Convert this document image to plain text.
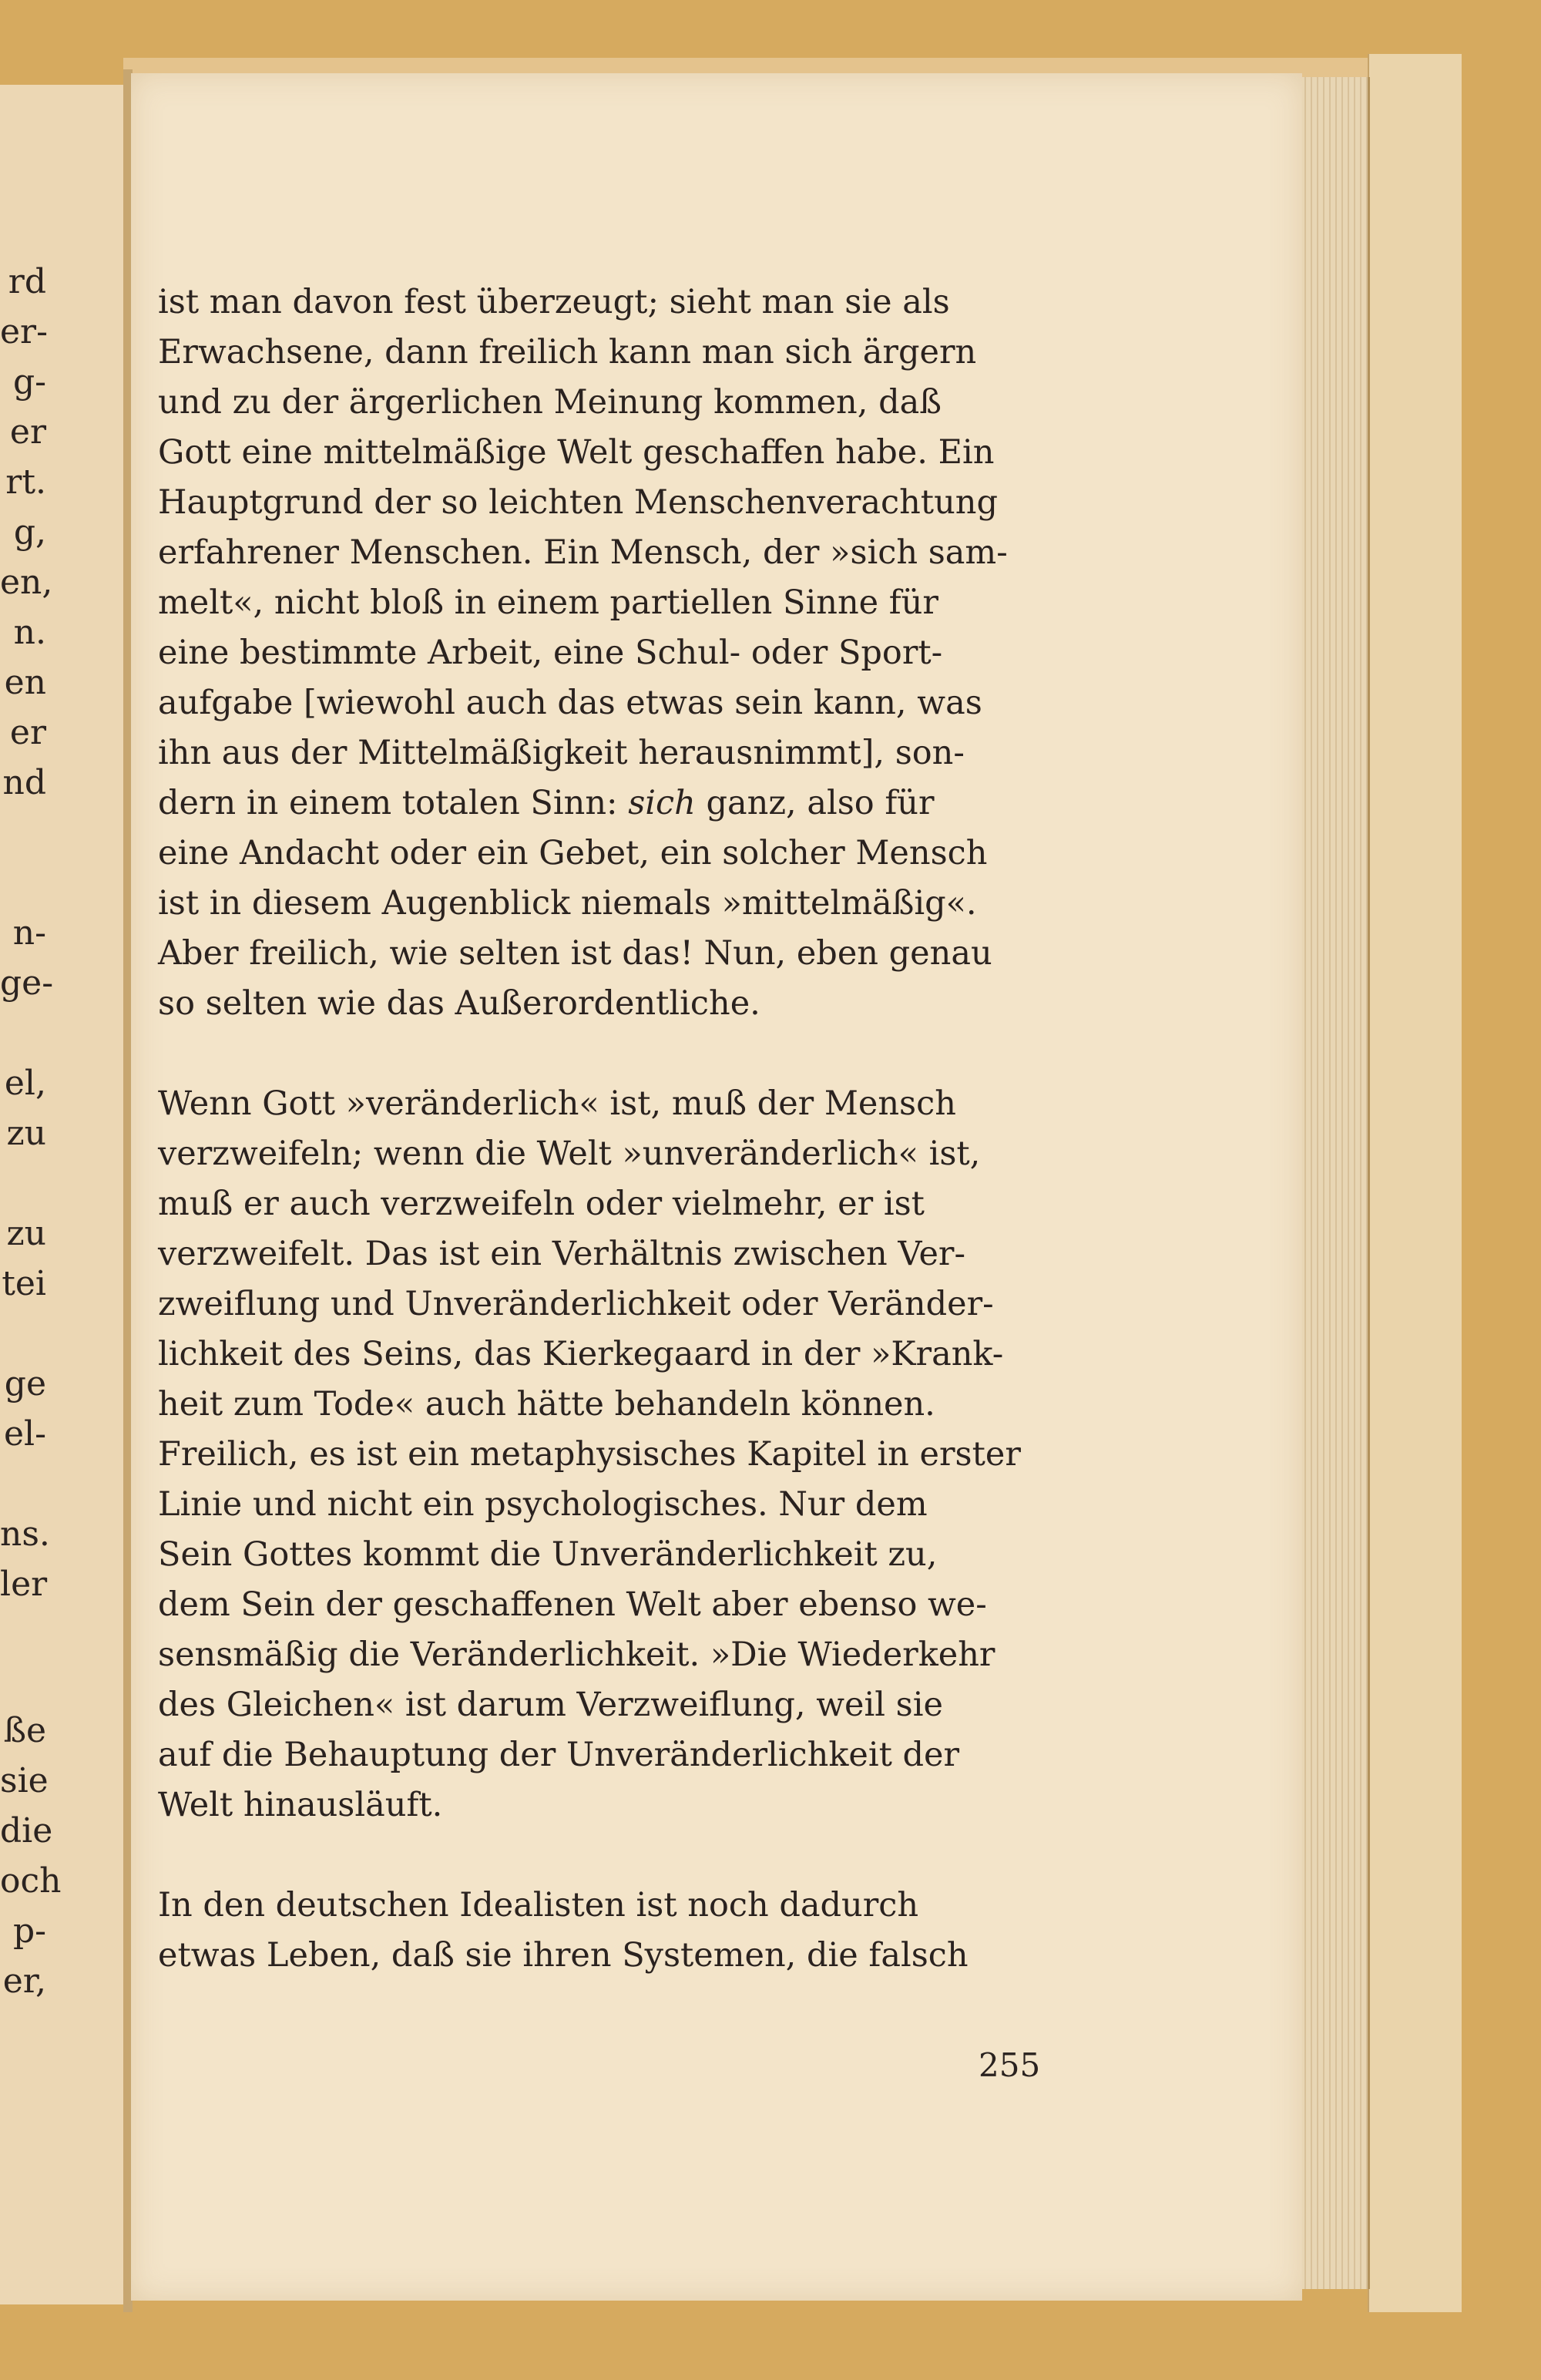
rd
er-
g-
er
rt.
g,
en,
n.
en
er
nd
n-
ge-
el,
zu
zu
tei
ge
el-
ns.
ler
ße
sie
die
och
p-
er,
ist man davon fest überzeugt; sieht man sie als
Erwachsene, dann freilich kann man sich ärgern
und zu der ärgerlichen Meinung kommen, daß
Gott eine mittelmäßige Welt geschaffen habe. Ein
Hauptgrund der so leichten Menschenverachtung
erfahrener Menschen. Ein Mensch, der »sich sam-
melt«, nicht bloß in einem partiellen Sinne für
eine bestimmte Arbeit, eine Schul- oder Sport-
aufgabe [wiewohl auch das etwas sein kann, was
ihn aus der Mittelmäßigkeit herausnimmt], son-
dern in einem totalen Sinn: sich ganz, also für
eine Andacht oder ein Gebet, ein solcher Mensch
ist in diesem Augenblick niemals »mittelmäßig«.
Aber freilich, wie selten ist das! Nun, eben genau
so selten wie das Außerordentliche.
Wenn Gott »veränderlich« ist, muß der Mensch
verzweifeln; wenn die Welt »unveränderlich« ist,
muß er auch verzweifeln oder vielmehr, er ist
verzweifelt. Das ist ein Verhältnis zwischen Ver-
zweiflung und Unveränderlichkeit oder Veränder-
lichkeit des Seins, das Kierkegaard in der »Krank-
heit zum Tode« auch hätte behandeln können.
Freilich, es ist ein metaphysisches Kapitel in erster
Linie und nicht ein psychologisches. Nur dem
Sein Gottes kommt die Unveränderlichkeit zu,
dem Sein der geschaffenen Welt aber ebenso we-
sensmäßig die Veränderlichkeit. »Die Wiederkehr
des Gleichen« ist darum Verzweiflung, weil sie
auf die Behauptung der Unveränderlichkeit der
Welt hinausläuft.
In den deutschen Idealisten ist noch dadurch
etwas Leben, daß sie ihren Systemen, die falsch
255
